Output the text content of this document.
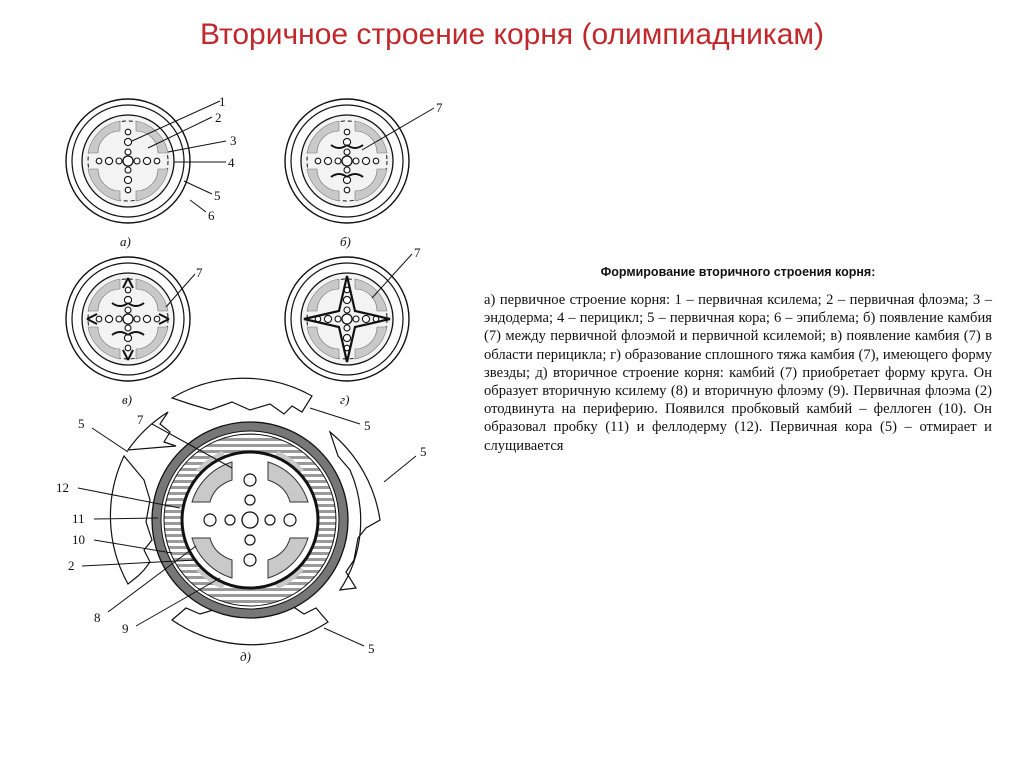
Вторичное строение корня (олимпиадникам)
1
2
3
4
5
6
а)
7
б)
7
в)
7
г)
7
5	5
5
5
12
11
10
2
8
9
д)

Формирование вторичного строения корня:

а) первичное строение корня: 1 – первичная ксилема; 2 – первичная флоэма; 3 – эндодерма; 4 – перицикл; 5 – первичная кора; 6 – эпиблема; б) появление камбия (7) между первичной флоэмой и первичной ксилемой; в) появление камбия (7) в области перицикла; г) образование сплошного тяжа камбия (7), имеющего форму звезды; д) вторичное строение корня: камбий (7) приобретает форму круга. Он образует вторичную ксилему (8) и вторичную флоэму (9). Первичная флоэма (2) отодвинута на периферию. Появился пробковый камбий – феллоген (10). Он образовал пробку (11) и феллодерму (12). Первичная кора (5) – отмирает и слущивается
